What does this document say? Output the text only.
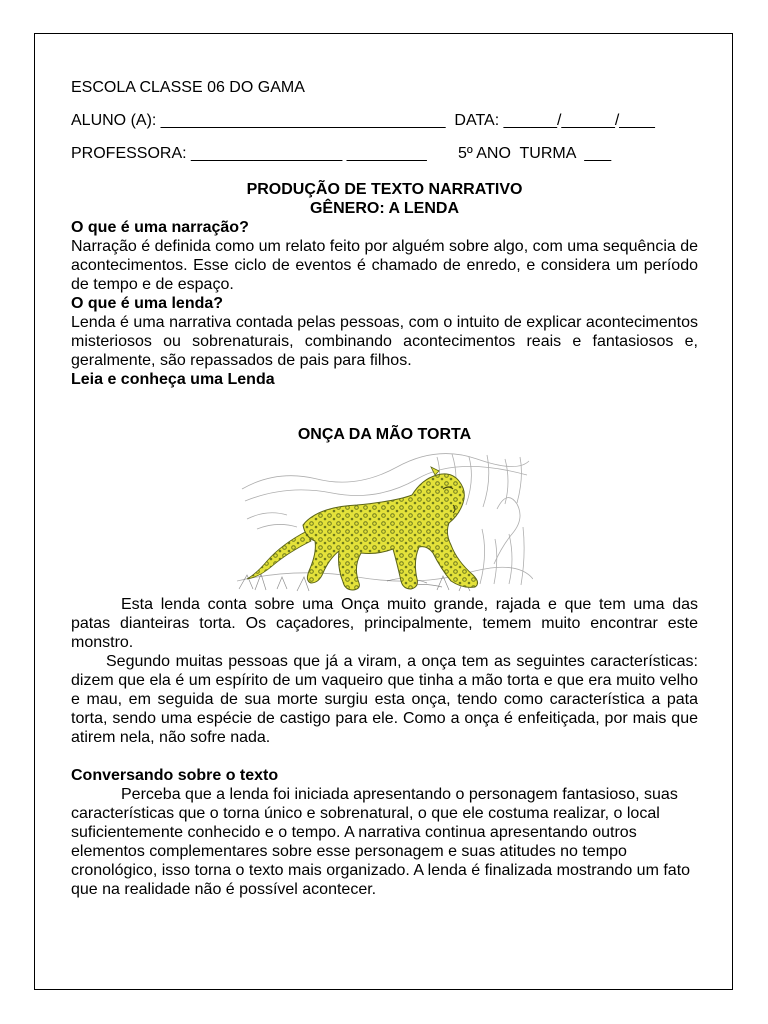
ESCOLA CLASSE 06 DO GAMA

ALUNO (A): ________________________________  DATA: ______/______/____

PROFESSORA: _________________ _________       5º ANO  TURMA  ___

PRODUÇÃO DE TEXTO NARRATIVO

GÊNERO: A LENDA

O que é uma narração?

Narração é definida como um relato feito por alguém sobre algo, com uma sequência de acontecimentos. Esse ciclo de eventos é chamado de enredo, e considera um período de tempo e de espaço.

O que é uma lenda?

Lenda é uma narrativa contada pelas pessoas, com o intuito de explicar acontecimentos misteriosos ou sobrenaturais, combinando acontecimentos reais e fantasiosos e, geralmente, são repassados de pais para filhos.

Leia e conheça uma Lenda

ONÇA DA MÃO TORTA

Esta lenda conta sobre uma Onça muito grande, rajada e que tem uma das patas dianteiras torta. Os caçadores, principalmente, temem muito encontrar este monstro.

Segundo muitas pessoas que já a viram, a onça tem as seguintes características: dizem que ela é um espírito de um vaqueiro que tinha a mão torta e que era muito velho e mau, em seguida de sua morte surgiu esta onça, tendo como característica a pata torta, sendo uma espécie de castigo para ele. Como a onça é enfeitiçada, por mais que atirem nela, não sofre nada.

Conversando sobre o texto

Perceba que a lenda foi iniciada apresentando o personagem fantasioso, suas características que o torna único e sobrenatural, o que ele costuma realizar, o local suficientemente conhecido e o tempo. A narrativa continua apresentando outros elementos complementares sobre esse personagem e suas atitudes no tempo cronológico, isso torna o texto mais organizado. A lenda é finalizada mostrando um fato que na realidade não é possível acontecer.
